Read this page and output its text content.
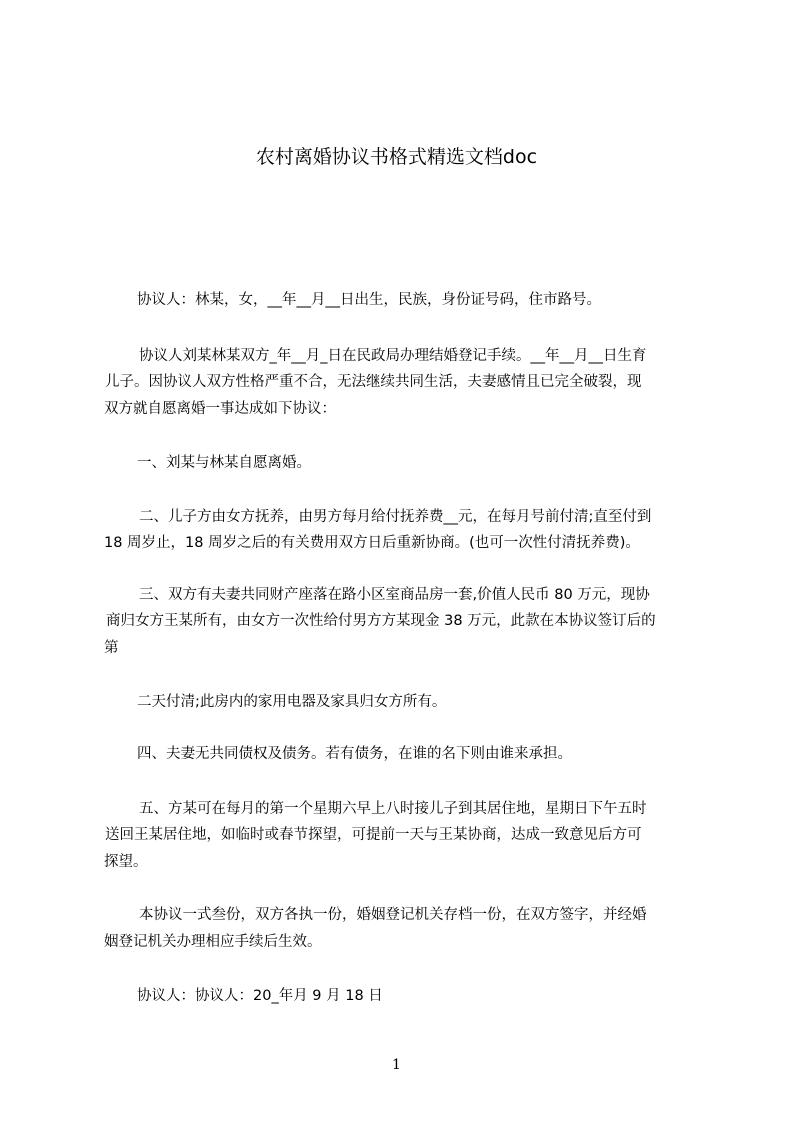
农村离婚协议书格式精选文档doc
协议人：林某，女，__年__月__日出生，民族，身份证号码，住市路号。
协议人刘某林某双方_年__月_日在民政局办理结婚登记手续。__年__月__日生育
儿子。因协议人双方性格严重不合，无法继续共同生活，夫妻感情且已完全破裂，现
双方就自愿离婚一事达成如下协议：
一、刘某与林某自愿离婚。
二、儿子方由女方抚养，由男方每月给付抚养费__元，在每月号前付清;直至付到
18 周岁止，18 周岁之后的有关费用双方日后重新协商。(也可一次性付清抚养费)。
三、双方有夫妻共同财产座落在路小区室商品房一套,价值人民币 80 万元，现协
商归女方王某所有，由女方一次性给付男方方某现金 38 万元，此款在本协议签订后的
第
二天付清;此房内的家用电器及家具归女方所有。
四、夫妻无共同债权及债务。若有债务，在谁的名下则由谁来承担。
五、方某可在每月的第一个星期六早上八时接儿子到其居住地，星期日下午五时
送回王某居住地，如临时或春节探望，可提前一天与王某协商，达成一致意见后方可
探望。
本协议一式叁份，双方各执一份，婚姻登记机关存档一份，在双方签字，并经婚
姻登记机关办理相应手续后生效。
协议人：协议人：20_年月 9 月 18 日
1
